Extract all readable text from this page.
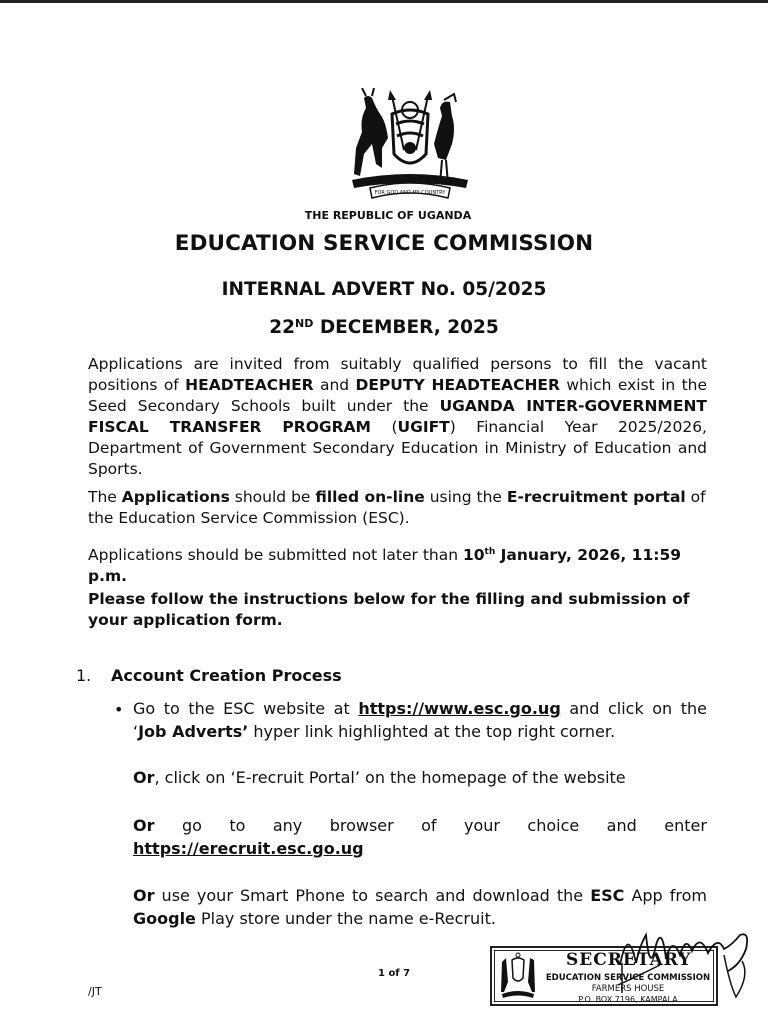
FOR GOD AND MY COUNTRY
THE REPUBLIC OF UGANDA
EDUCATION SERVICE COMMISSION
INTERNAL ADVERT No. 05/2025
22ND DECEMBER, 2025

Applications are invited from suitably qualified persons to fill the vacant positions of HEADTEACHER and DEPUTY HEADTEACHER which exist in the Seed Secondary Schools built under the UGANDA INTER-GOVERNMENT FISCAL TRANSFER PROGRAM (UGIFT) Financial Year 2025/2026, Department of Government Secondary Education in Ministry of Education and Sports.

The Applications should be filled on-line using the E-recruitment portal of the Education Service Commission (ESC).

Applications should be submitted not later than 10th January, 2026, 11:59 p.m.

Please follow the instructions below for the filling and submission of your application form.

1. Account Creation Process
• Go to the ESC website at https://www.esc.go.ug and click on the ‘Job Adverts’ hyper link highlighted at the top right corner.

Or, click on ‘E-recruit Portal’ on the homepage of the website

Or go to any browser of your choice and enter
https://erecruit.esc.go.ug

Or use your Smart Phone to search and download the ESC App from Google Play store under the name e-Recruit.

1 of 7
/JT
SECRETARY
EDUCATION SERVICE COMMISSION
FARMERS HOUSE
P.O. BOX 7196, KAMPALA
